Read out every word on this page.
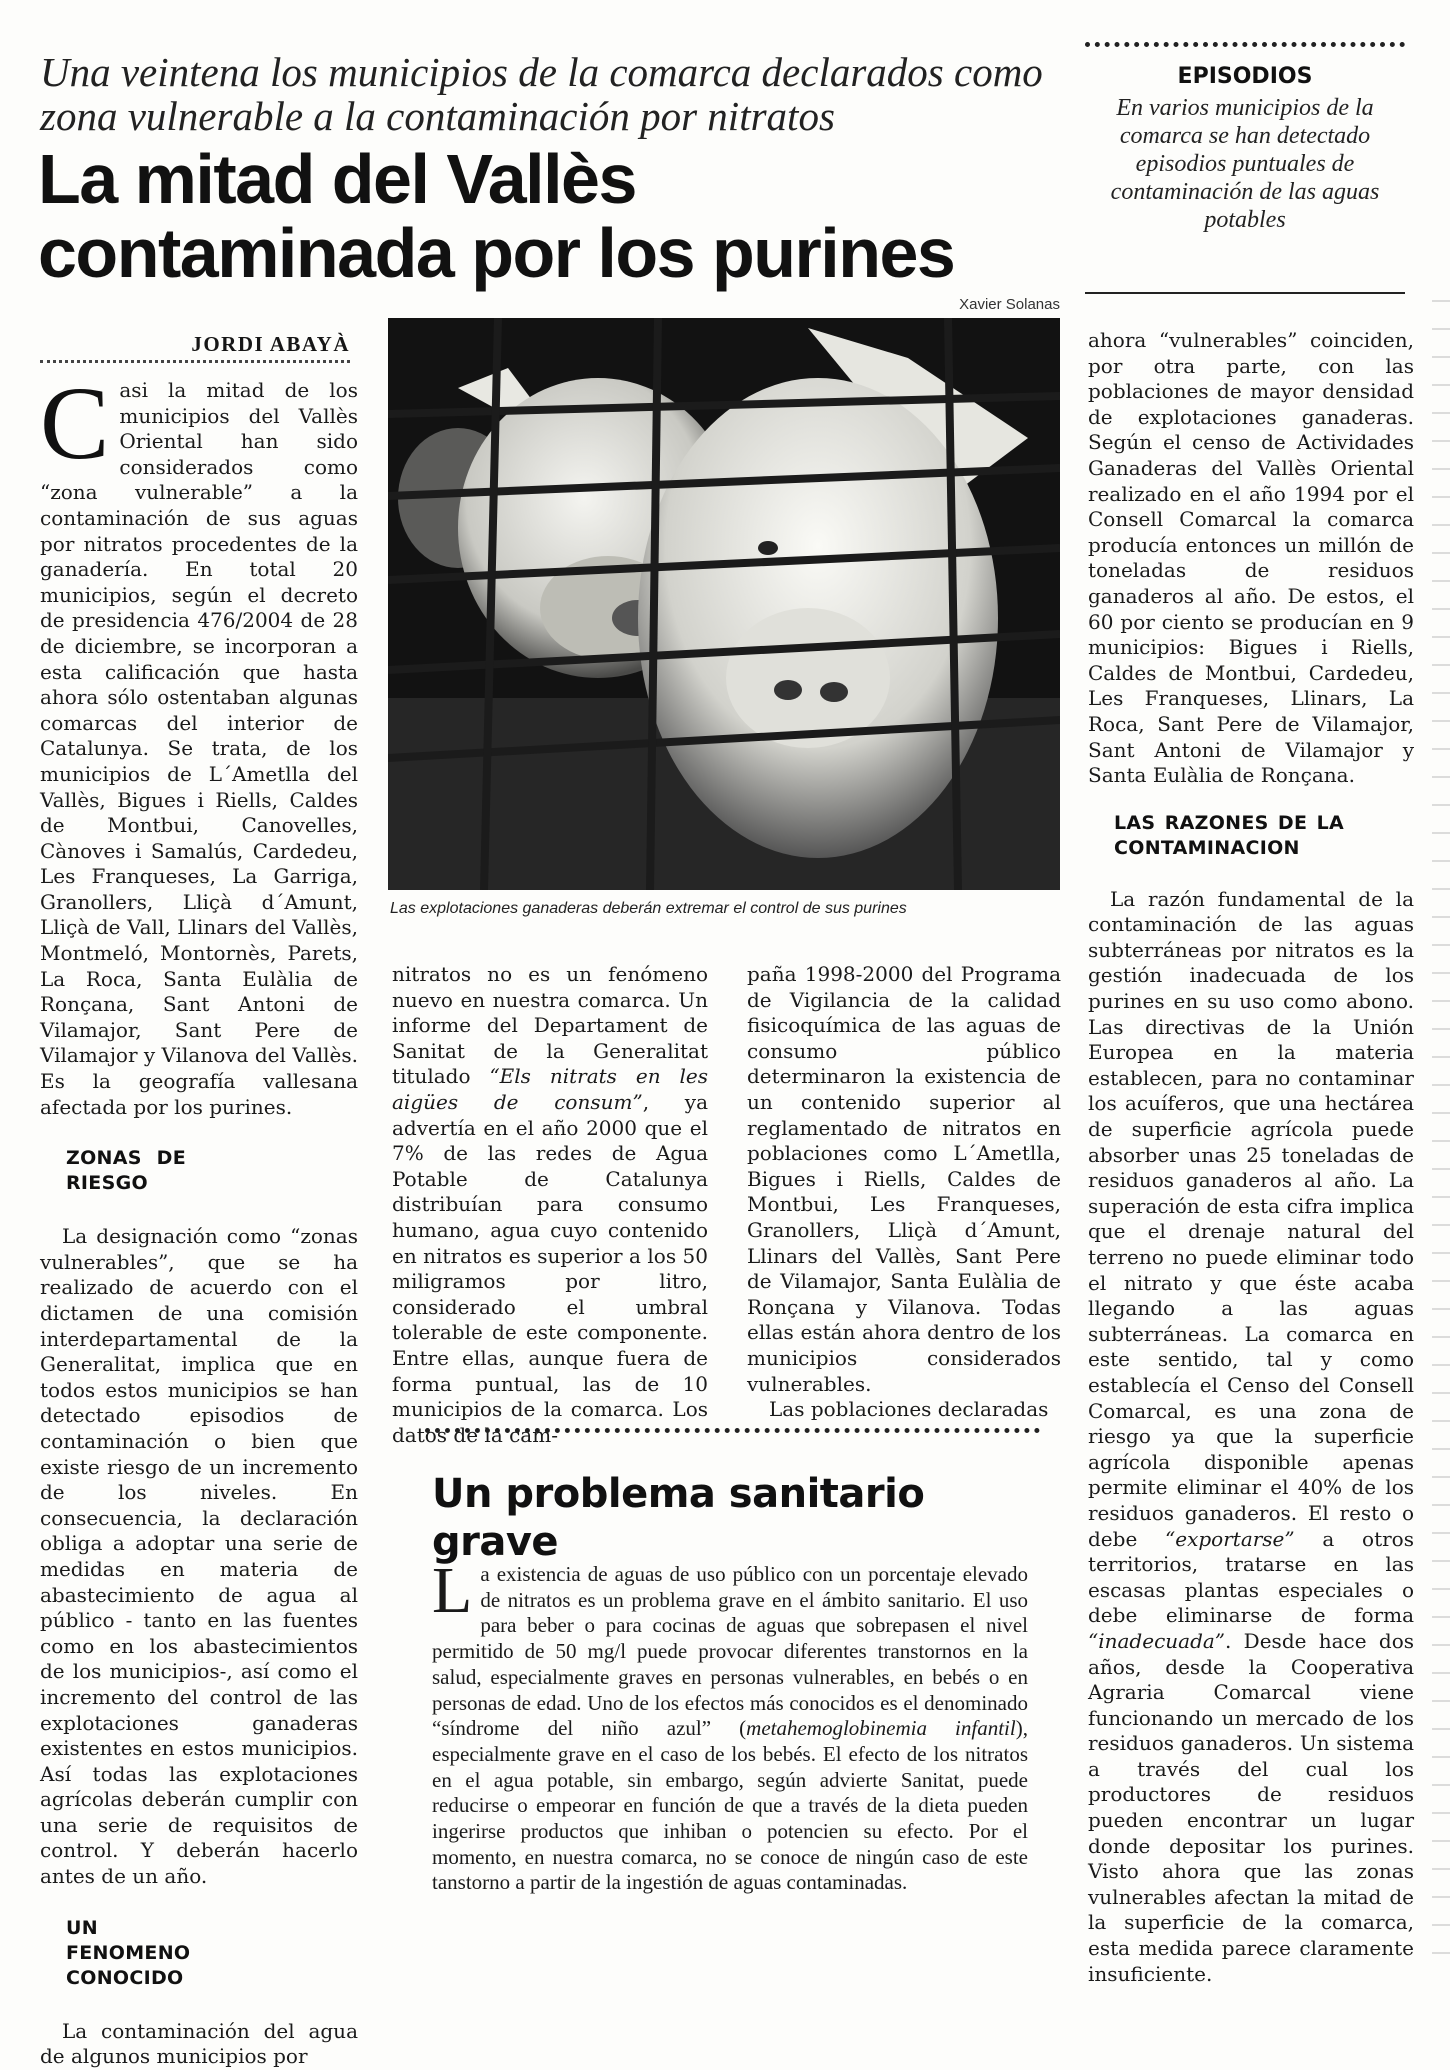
Una veintena los municipios de la comarca declarados como zona vulnerable a la contaminación por nitratos
La mitad del Vallès contaminada por los purines
EPISODIOS
En varios municipios de la comarca se han detectado episodios puntuales de contaminación de las aguas potables
JORDI ABAYÀ

Casi la mitad de los municipios del Vallès Oriental han sido considerados como “zona vulnerable” a la contaminación de sus aguas por nitratos procedentes de la ganadería. En total 20 municipios, según el decreto de presidencia 476/2004 de 28 de diciembre, se incorporan a esta calificación que hasta ahora sólo ostentaban algunas comarcas del interior de Catalunya. Se trata, de los municipios de L´Ametlla del Vallès, Bigues i Riells, Caldes de Montbui, Canovelles, Cànoves i Samalús, Cardedeu, Les Franqueses, La Garriga, Granollers, Lliçà d´Amunt, Lliçà de Vall, Llinars del Vallès, Montmeló, Montornès, Parets, La Roca, Santa Eulàlia de Ronçana, Sant Antoni de Vilamajor, Sant Pere de Vilamajor y Vilanova del Vallès. Es la geografía vallesana afectada por los purines.

ZONAS DE RIESGO

La designación como “zonas vulnerables”, que se ha realizado de acuerdo con el dictamen de una comisión interdepartamental de la Generalitat, implica que en todos estos municipios se han detectado episodios de contaminación o bien que existe riesgo de un incremento de los niveles. En consecuencia, la declaración obliga a adoptar una serie de medidas en materia de abastecimiento de agua al público - tanto en las fuentes como en los abastecimientos de los municipios-, así como el incremento del control de las explotaciones ganaderas existentes en estos municipios. Así todas las explotaciones agrícolas deberán cumplir con una serie de requisitos de control. Y deberán hacerlo antes de un año.

UN FENOMENO CONOCIDO

La contaminación del agua de algunos municipios por

Xavier Solanas
Las explotaciones ganaderas deberán extremar el control de sus purines

nitratos no es un fenómeno nuevo en nuestra comarca. Un informe del Departament de Sanitat de la Generalitat titulado “Els nitrats en les aigües de consum”, ya advertía en el año 2000 que el 7% de las redes de Agua Potable de Catalunya distribuían para consumo humano, agua cuyo contenido en nitratos es superior a los 50 miligramos por litro, considerado el umbral tolerable de este componente. Entre ellas, aunque fuera de forma puntual, las de 10 municipios de la comarca. Los datos de la cam-

paña 1998-2000 del Programa de Vigilancia de la calidad fisicoquímica de las aguas de consumo público determinaron la existencia de un contenido superior al reglamentado de nitratos en poblaciones como L´Ametlla, Bigues i Riells, Caldes de Montbui, Les Franqueses, Granollers, Lliçà d´Amunt, Llinars del Vallès, Sant Pere de Vilamajor, Santa Eulàlia de Ronçana y Vilanova. Todas ellas están ahora dentro de los municipios considerados vulnerables.

Las poblaciones declaradas

ahora “vulnerables” coinciden, por otra parte, con las poblaciones de mayor densidad de explotaciones ganaderas. Según el censo de Actividades Ganaderas del Vallès Oriental realizado en el año 1994 por el Consell Comarcal la comarca producía entonces un millón de toneladas de residuos ganaderos al año. De estos, el 60 por ciento se producían en 9 municipios: Bigues i Riells, Caldes de Montbui, Cardedeu, Les Franqueses, Llinars, La Roca, Sant Pere de Vilamajor, Sant Antoni de Vilamajor y Santa Eulàlia de Ronçana.

LAS RAZONES DE LA CONTAMINACION

La razón fundamental de la contaminación de las aguas subterráneas por nitratos es la gestión inadecuada de los purines en su uso como abono. Las directivas de la Unión Europea en la materia establecen, para no contaminar los acuíferos, que una hectárea de superficie agrícola puede absorber unas 25 toneladas de residuos ganaderos al año. La superación de esta cifra implica que el drenaje natural del terreno no puede eliminar todo el nitrato y que éste acaba llegando a las aguas subterráneas. La comarca en este sentido, tal y como establecía el Censo del Consell Comarcal, es una zona de riesgo ya que la superficie agrícola disponible apenas permite eliminar el 40% de los residuos ganaderos. El resto o debe “exportarse” a otros territorios, tratarse en las escasas plantas especiales o debe eliminarse de forma “inadecuada”. Desde hace dos años, desde la Cooperativa Agraria Comarcal viene funcionando un mercado de los residuos ganaderos. Un sistema a través del cual los productores de residuos pueden encontrar un lugar donde depositar los purines. Visto ahora que las zonas vulnerables afectan la mitad de la superficie de la comarca, esta medida parece claramente insuficiente.

Un problema sanitario grave
La existencia de aguas de uso público con un porcentaje elevado de nitratos es un problema grave en el ámbito sanitario. El uso para beber o para cocinas de aguas que sobrepasen el nivel permitido de 50 mg/l puede provocar diferentes transtornos en la salud, especialmente graves en personas vulnerables, en bebés o en personas de edad. Uno de los efectos más conocidos es el denominado “síndrome del niño azul” (metahemoglobinemia infantil), especialmente grave en el caso de los bebés. El efecto de los nitratos en el agua potable, sin embargo, según advierte Sanitat, puede reducirse o empeorar en función de que a través de la dieta pueden ingerirse productos que inhiban o potencien su efecto. Por el momento, en nuestra comarca, no se conoce de ningún caso de este tanstorno a partir de la ingestión de aguas contaminadas.
